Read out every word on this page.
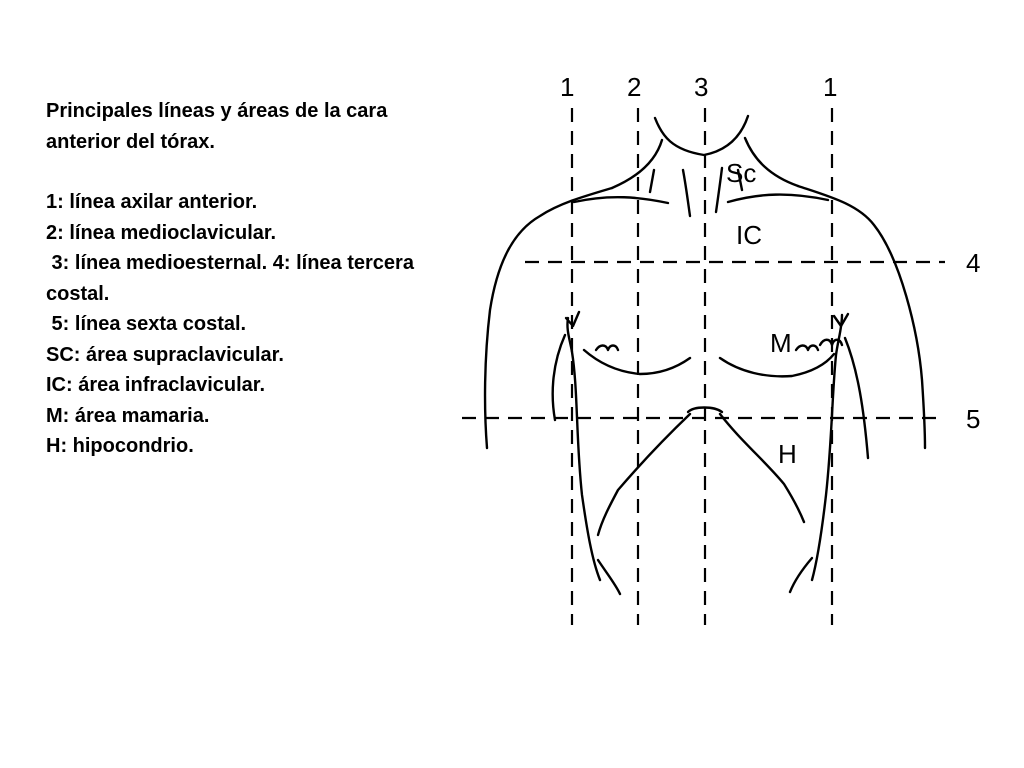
Principales líneas y áreas de la cara
anterior del tórax.
1: línea axilar anterior.
2: línea medioclavicular.
3: línea medioesternal. 4: línea tercera
costal.
5: línea sexta costal.
SC: área supraclavicular.
IC: área infraclavicular.
M: área mamaria.
H: hipocondrio.
1 2 3	1
4
5
Sc
IC
M
H
